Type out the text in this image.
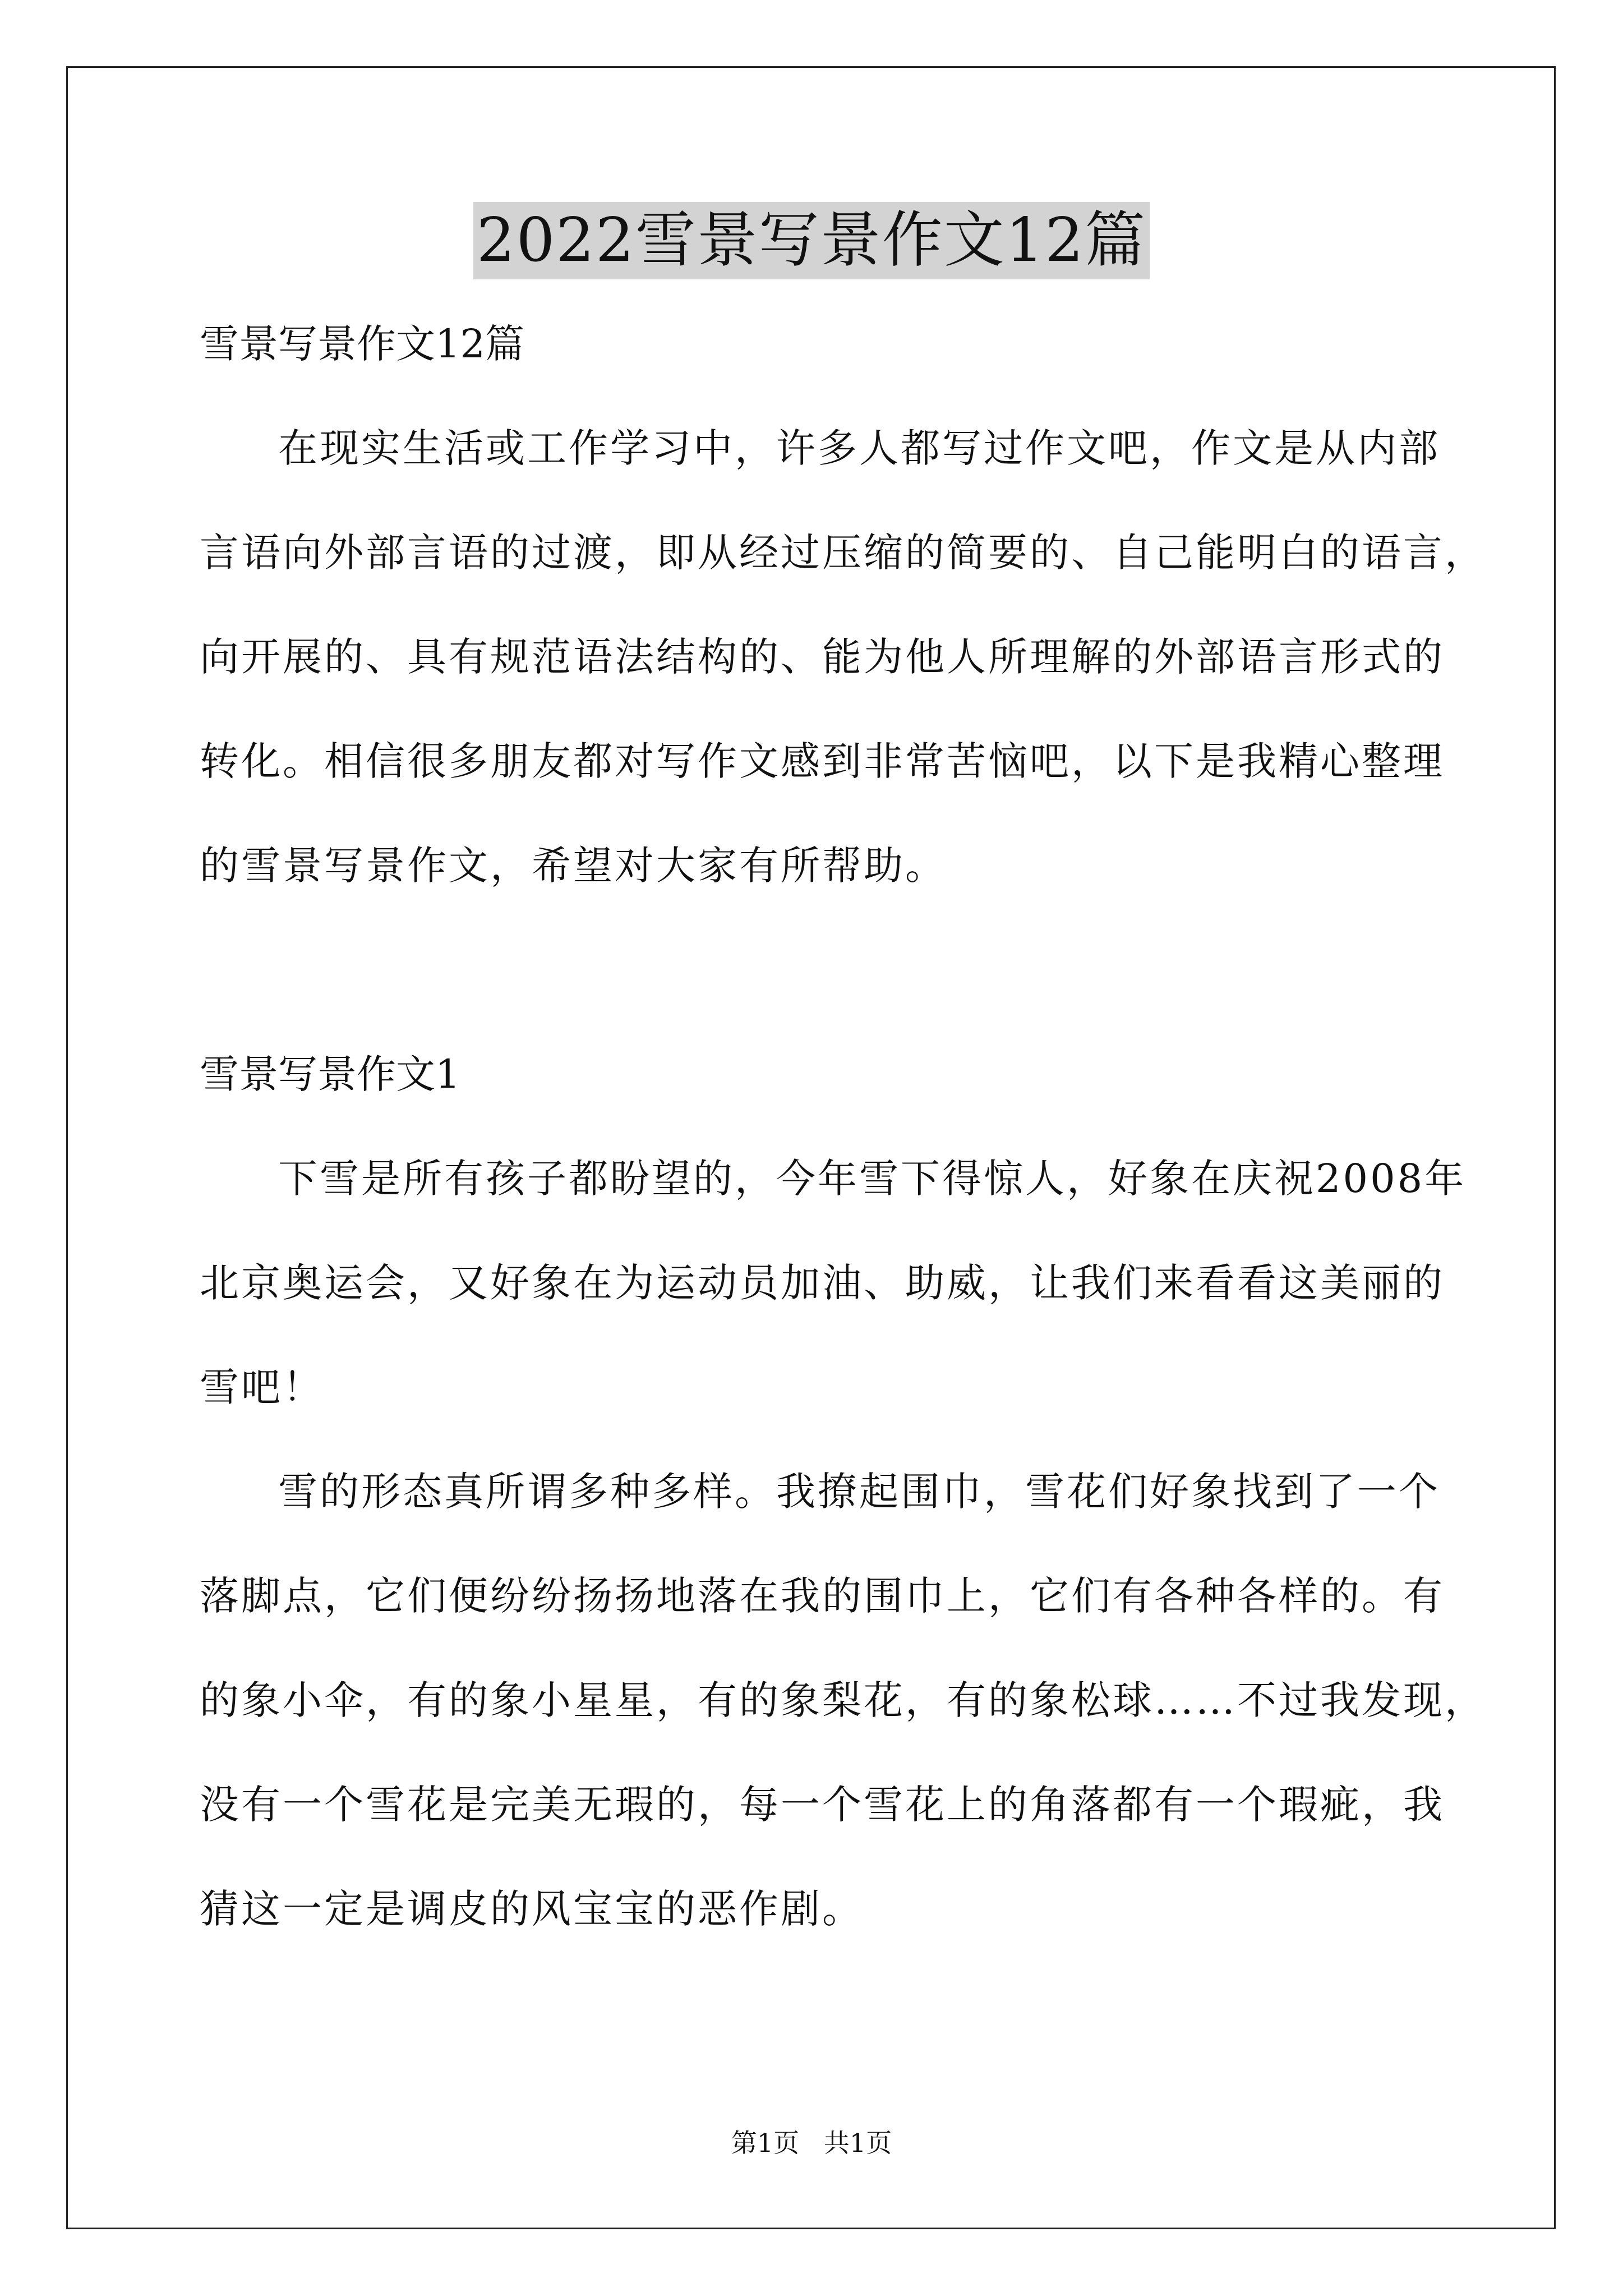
2022雪景写景作文12篇

雪景写景作文12篇

在现实生活或工作学习中，许多人都写过作文吧，作文是从内部

言语向外部言语的过渡，即从经过压缩的简要的、自己能明白的语言，

向开展的、具有规范语法结构的、能为他人所理解的外部语言形式的

转化。相信很多朋友都对写作文感到非常苦恼吧，以下是我精心整理

的雪景写景作文，希望对大家有所帮助。

雪景写景作文1

下雪是所有孩子都盼望的，今年雪下得惊人，好象在庆祝2008年

北京奥运会，又好象在为运动员加油、助威，让我们来看看这美丽的

雪吧！

雪的形态真所谓多种多样。我撩起围巾，雪花们好象找到了一个

落脚点，它们便纷纷扬扬地落在我的围巾上，它们有各种各样的。有

的象小伞，有的象小星星，有的象梨花，有的象松球……不过我发现，

没有一个雪花是完美无瑕的，每一个雪花上的角落都有一个瑕疵，我

猜这一定是调皮的风宝宝的恶作剧。

第1页   共1页
